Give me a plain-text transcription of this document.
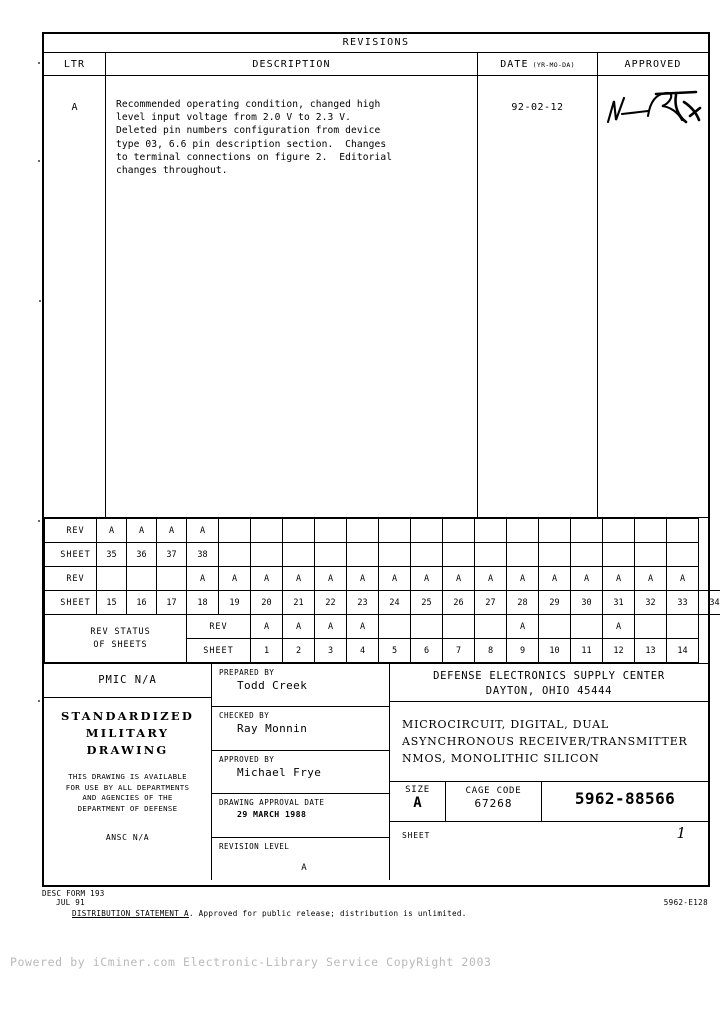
REVISIONS
LTR	DESCRIPTION	DATE (YR-MO-DA)	APPROVED
A	Recommended operating condition, changed high
level input voltage from 2.0 V to 2.3 V.
Deleted pin numbers configuration from device
type 03, 6.6 pin description section.  Changes
to terminal connections on figure 2.  Editorial
changes throughout.
92-02-12
REV	A	A	A	A																
SHEET	35	36	37	38																
REV				A	A	A	A	A	A	A	A	A	A	A	A	A	A	A	A	
SHEET	15	16	17	18	19	20	21	22	23	24	25	26	27	28	29	30	31	32	33	34

REV STATUS
OF SHEETS				REV		A	A	A	A					A			A			
				SHEET		1	2	3	4	5	6	7	8	9	10	11	12	13	14	
PMIC N/A
STANDARDIZED
MILITARY
DRAWING
THIS DRAWING IS AVAILABLE
FOR USE BY ALL DEPARTMENTS
AND AGENCIES OF THE
DEPARTMENT OF DEFENSE
ANSC N/A
PREPARED BY
Todd Creek
CHECKED BY
Ray Monnin
APPROVED BY
Michael Frye
DRAWING APPROVAL DATE
29 MARCH 1988
REVISION LEVEL
A
DEFENSE ELECTRONICS SUPPLY CENTER
DAYTON, OHIO 45444
MICROCIRCUIT, DIGITAL, DUAL
ASYNCHRONOUS RECEIVER/TRANSMITTER
NMOS, MONOLITHIC SILICON
SIZE
A
CAGE CODE
67268	5962-88566
SHEET	1
DESC FORM 193
JUL 91
DISTRIBUTION STATEMENT A. Approved for public release; distribution is unlimited.
5962-E128
Powered by iCminer.com Electronic-Library Service CopyRight 2003
